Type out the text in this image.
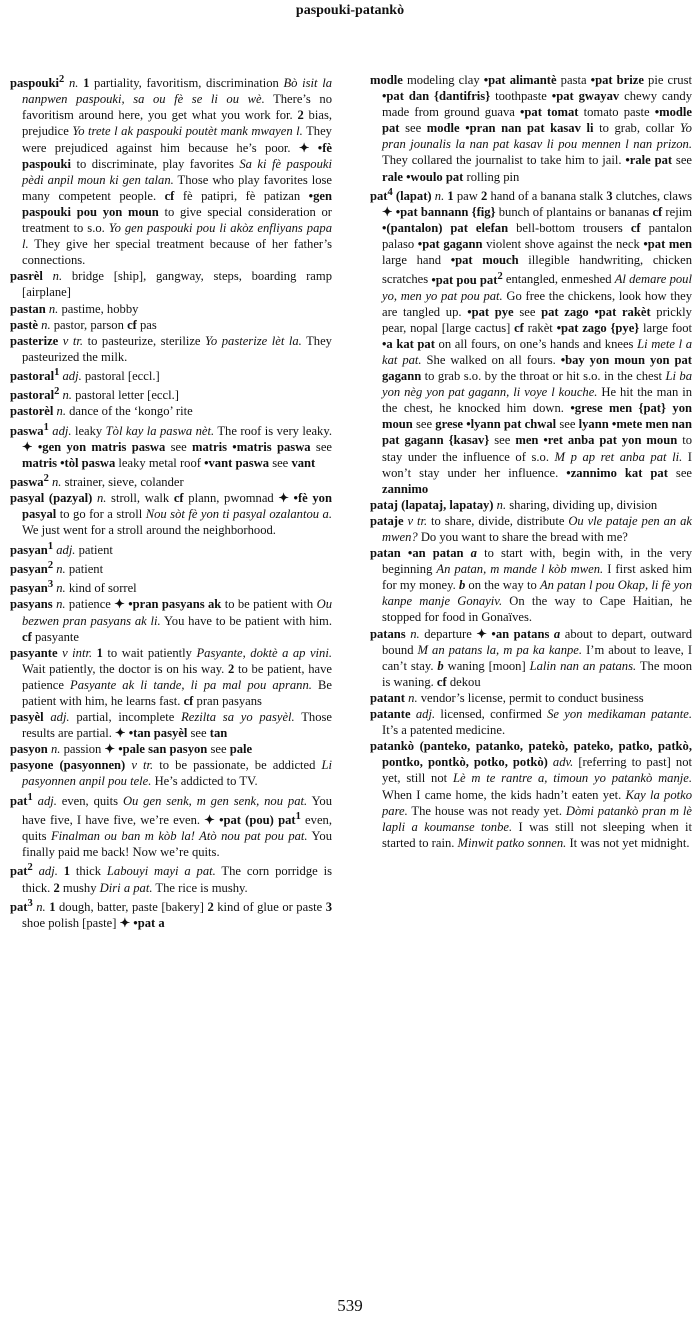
paspouki-patankò

paspouki$^2$ n. 1 partiality, favoritism, discrimination Bò isit la nanpwen paspouki, sa ou fè se li ou wè. There’s no favoritism around here, you get what you work for. 2 bias, prejudice Yo trete l ak paspouki poutèt mank mwayen l. They were prejudiced against him because he’s poor. ✦ •fè paspouki to discriminate, play favorites Sa ki fè paspouki pèdi anpil moun ki gen talan. Those who play favorites lose many competent people. cf fè patipri, fè patizan •gen paspouki pou yon moun to give special consideration or treatment to s.o. Yo gen paspouki pou li akòz enfliyans papa l. They give her special treatment because of her father’s connections.

pasrèl n. bridge [ship], gangway, steps, boarding ramp [airplane]

pastan n. pastime, hobby

pastè n. pastor, parson cf pas

pasterize v tr. to pasteurize, sterilize Yo pasterize lèt la. They pasteurized the milk.

pastoral$^1$ adj. pastoral [eccl.]

pastoral$^2$ n. pastoral letter [eccl.]

pastorèl n. dance of the ‘kongo’ rite

paswa$^1$ adj. leaky Tòl kay la paswa nèt. The roof is very leaky. ✦ •gen yon matris paswa see matris •matris paswa see matris •tòl paswa leaky metal roof •vant paswa see vant

paswa$^2$ n. strainer, sieve, colander

pasyal (pazyal) n. stroll, walk cf plann, pwomnad ✦ •fè yon pasyal to go for a stroll Nou sòt fè yon ti pasyal ozalantou a. We just went for a stroll around the neighborhood.

pasyan$^1$ adj. patient

pasyan$^2$ n. patient

pasyan$^3$ n. kind of sorrel

pasyans n. patience ✦ •pran pasyans ak to be patient with Ou bezwen pran pasyans ak li. You have to be patient with him. cf pasyante

pasyante v intr. 1 to wait patiently Pasyante, doktè a ap vini. Wait patiently, the doctor is on his way. 2 to be patient, have patience Pasyante ak li tande, li pa mal pou aprann. Be patient with him, he learns fast. cf pran pasyans

pasyèl adj. partial, incomplete Rezilta sa yo pasyèl. Those results are partial. ✦ •tan pasyèl see tan

pasyon n. passion ✦ •pale san pasyon see pale

pasyone (pasyonnen) v tr. to be passionate, be addicted Li pasyonnen anpil pou tele. He’s addicted to TV.

pat$^1$ adj. even, quits Ou gen senk, m gen senk, nou pat. You have five, I have five, we’re even. ✦ •pat (pou) pat$^1$ even, quits Finalman ou ban m kòb la! Atò nou pat pou pat. You finally paid me back! Now we’re quits.

pat$^2$ adj. 1 thick Labouyi mayi a pat. The corn porridge is thick. 2 mushy Diri a pat. The rice is mushy.

pat$^3$ n. 1 dough, batter, paste [bakery] 2 kind of glue or paste 3 shoe polish [paste] ✦ •pat a

modle modeling clay •pat alimantè pasta •pat brize pie crust •pat dan {dantifris} toothpaste •pat gwayav chewy candy made from ground guava •pat tomat tomato paste •modle pat see modle •pran nan pat kasav li to grab, collar Yo pran jounalis la nan pat kasav li pou mennen l nan prizon. They collared the journalist to take him to jail. •rale pat see rale •woulo pat rolling pin

pat$^4$ (lapat) n. 1 paw 2 hand of a banana stalk 3 clutches, claws ✦ •pat bannann {fig} bunch of plantains or bananas cf rejim •(pantalon) pat elefan bell-bottom trousers cf pantalon palaso •pat gagann violent shove against the neck •pat men large hand •pat mouch illegible handwriting, chicken scratches •pat pou pat$^2$ entangled, enmeshed Al demare poul yo, men yo pat pou pat. Go free the chickens, look how they are tangled up. •pat pye see pat zago •pat rakèt prickly pear, nopal [large cactus] cf rakèt •pat zago {pye} large foot •a kat pat on all fours, on one’s hands and knees Li mete l a kat pat. She walked on all fours. •bay yon moun yon pat gagann to grab s.o. by the throat or hit s.o. in the chest Li ba yon nèg yon pat gagann, li voye l kouche. He hit the man in the chest, he knocked him down. •grese men {pat} yon moun see grese •lyann pat chwal see lyann •mete men nan pat gagann {kasav} see men •ret anba pat yon moun to stay under the influence of s.o. M p ap ret anba pat li. I won’t stay under her influence. •zannimo kat pat see zannimo

pataj (lapataj, lapatay) n. sharing, dividing up, division

pataje v tr. to share, divide, distribute Ou vle pataje pen an ak mwen? Do you want to share the bread with me?

patan •an patan a to start with, begin with, in the very beginning An patan, m mande l kòb mwen. I first asked him for my money. b on the way to An patan l pou Okap, li fè yon kanpe manje Gonayiv. On the way to Cape Haitian, he stopped for food in Gonaïves.

patans n. departure ✦ •an patans a about to depart, outward bound M an patans la, m pa ka kanpe. I’m about to leave, I can’t stay. b waning [moon] Lalin nan an patans. The moon is waning. cf dekou

patant n. vendor’s license, permit to conduct business

patante adj. licensed, confirmed Se yon medikaman patante. It’s a patented medicine.

patankò (panteko, patanko, patekò, pateko, patko, patkò, pontko, pontkò, potko, potkò) adv. [referring to past] not yet, still not Lè m te rantre a, timoun yo patankò manje. When I came home, the kids hadn’t eaten yet. Kay la potko pare. The house was not ready yet. Dòmi patankò pran m lè lapli a koumanse tonbe. I was still not sleeping when it started to rain. Minwit patko sonnen. It was not yet midnight.

539
